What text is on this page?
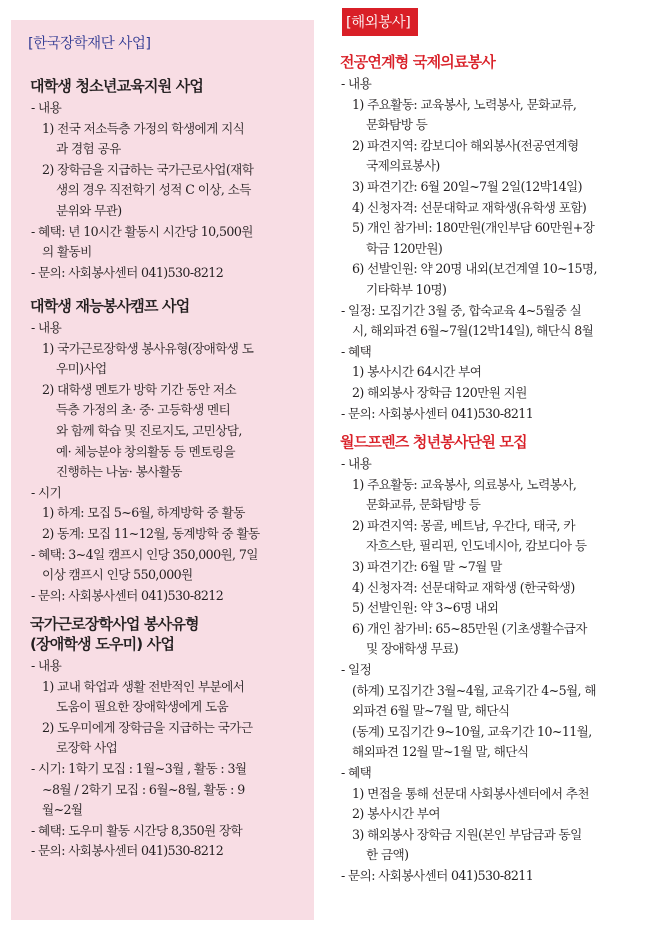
[한국장학재단 사업]
[해외봉사]
대학생 청소년교육지원 사업
- 내용
1) 전국 저소득층 가정의 학생에게 지식
과 경험 공유
2) 장학금을 지급하는 국가근로사업(재학
생의 경우 직전학기 성적 C 이상, 소득
분위와 무관)
- 혜택: 년 10시간 활동시 시간당 10,500원
의 활동비
- 문의: 사회봉사센터 041)530-8212
대학생 재능봉사캠프 사업
- 내용
1) 국가근로장학생 봉사유형(장애학생 도
우미)사업
2) 대학생 멘토가 방학 기간 동안 저소
득층 가정의 초· 중· 고등학생 멘티
와 함께 학습 및 진로지도, 고민상담,
예· 체능분야 창의활동 등 멘토링을
진행하는 나눔· 봉사활동
- 시기
1) 하계: 모집 5~6월, 하계방학 중 활동
2) 동계: 모집 11~12월, 동계방학 중 활동
- 혜택: 3~4일 캠프시 인당 350,000원, 7일
이상 캠프시 인당 550,000원
- 문의: 사회봉사센터 041)530-8212
국가근로장학사업 봉사유형
(장애학생 도우미) 사업
- 내용
1) 교내 학업과 생활 전반적인 부분에서
도움이 필요한 장애학생에게 도움
2) 도우미에게 장학금을 지급하는 국가근
로장학 사업
- 시기: 1학기 모집 : 1월~3월 , 활동 : 3월
~8월 / 2학기 모집 : 6월~8월, 활동 : 9
월~2월
- 혜택: 도우미 활동 시간당 8,350원 장학
- 문의: 사회봉사센터 041)530-8212
전공연계형 국제의료봉사
- 내용
1) 주요활동: 교육봉사, 노력봉사, 문화교류,
문화탐방 등
2) 파견지역: 캄보디아 해외봉사(전공연계형
국제의료봉사)
3) 파견기간: 6월 20일~7월 2일(12박14일)
4) 신청자격: 선문대학교 재학생(유학생 포함)
5) 개인 참가비: 180만원(개인부담 60만원+장
학금 120만원)
6) 선발인원: 약 20명 내외(보건계열 10~15명,
기타학부 10명)
- 일정: 모집기간 3월 중, 합숙교육 4~5월중 실
시, 해외파견 6월~7월(12박14일), 해단식 8월
- 혜택
1) 봉사시간 64시간 부여
2) 해외봉사 장학금 120만원 지원
- 문의: 사회봉사센터 041)530-8211
월드프렌즈 청년봉사단원 모집
- 내용
1) 주요활동: 교육봉사, 의료봉사, 노력봉사,
문화교류, 문화탐방 등
2) 파견지역: 몽골, 베트남, 우간다, 태국, 카
자흐스탄, 필리핀, 인도네시아, 캄보디아 등
3) 파견기간: 6월 말 ~7월 말
4) 신청자격: 선문대학교 재학생 (한국학생)
5) 선발인원: 약 3~6명 내외
6) 개인 참가비: 65~85만원 (기초생활수급자
및 장애학생 무료)
- 일정
(하계) 모집기간 3월~4월, 교육기간 4~5월, 해
외파견 6월 말~7월 말, 해단식
(동계) 모집기간 9~10월, 교육기간 10~11월,
해외파견 12월 말~1월 말, 해단식
- 혜택
1) 면접을 통해 선문대 사회봉사센터에서 추천
2) 봉사시간 부여
3) 해외봉사 장학금 지원(본인 부담금과 동일
한 금액)
- 문의: 사회봉사센터 041)530-8211
